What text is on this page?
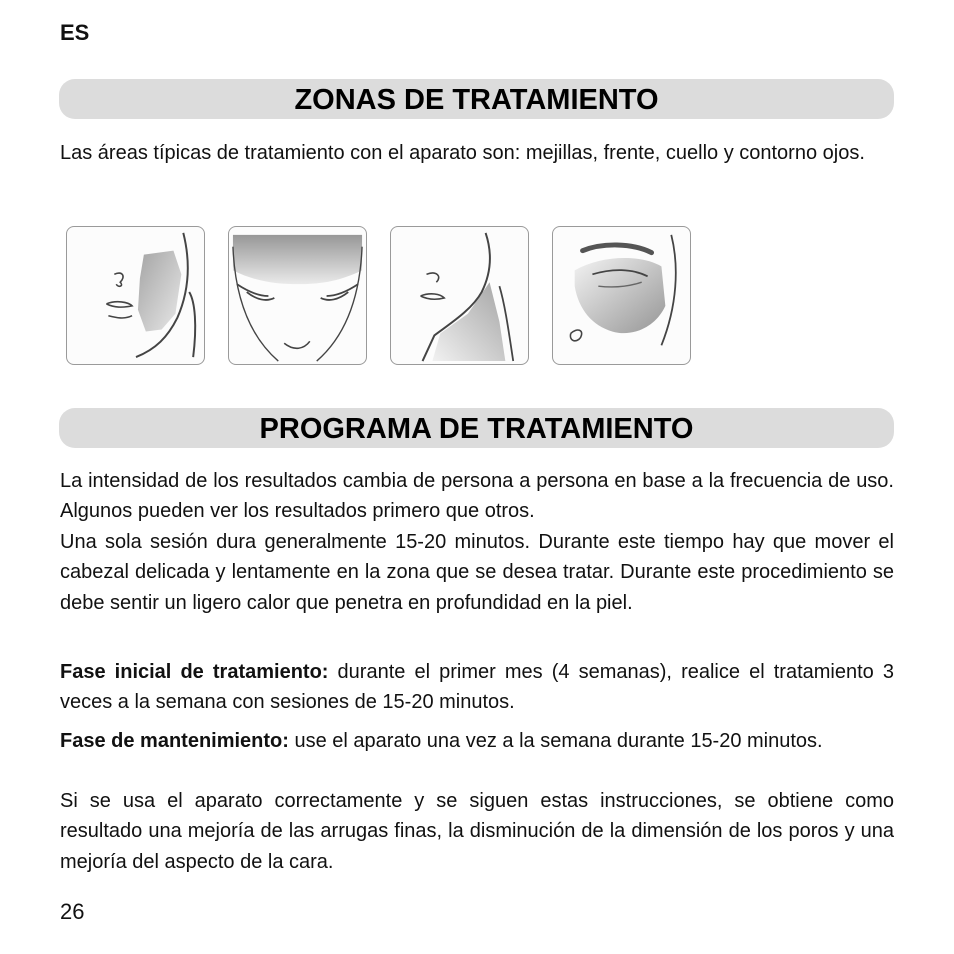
ES
ZONAS DE TRATAMIENTO

Las áreas típicas de tratamiento con el aparato son: mejillas, frente, cuello y contorno ojos.

PROGRAMA DE TRATAMIENTO

La intensidad de los resultados cambia de persona a persona en base a la frecuencia de uso. Algunos pueden ver los resultados primero que otros.

Una sola sesión dura generalmente 15-20 minutos. Durante este tiempo hay que mover el cabezal delicada y lentamente en la zona que se desea tratar. Durante este procedimiento se debe sentir un ligero calor que penetra en profundidad en la piel.

Fase inicial de tratamiento: durante el primer mes (4 semanas), realice el tratamiento 3 veces a la semana con sesiones de 15-20 minutos.

Fase de mantenimiento: use el aparato una vez a la semana durante 15-20 minutos.

Si se usa el aparato correctamente y se siguen estas instrucciones, se obtiene como resultado una mejoría de las arrugas finas, la disminución de la dimensión de los poros y una mejoría del aspecto de la cara.

26
